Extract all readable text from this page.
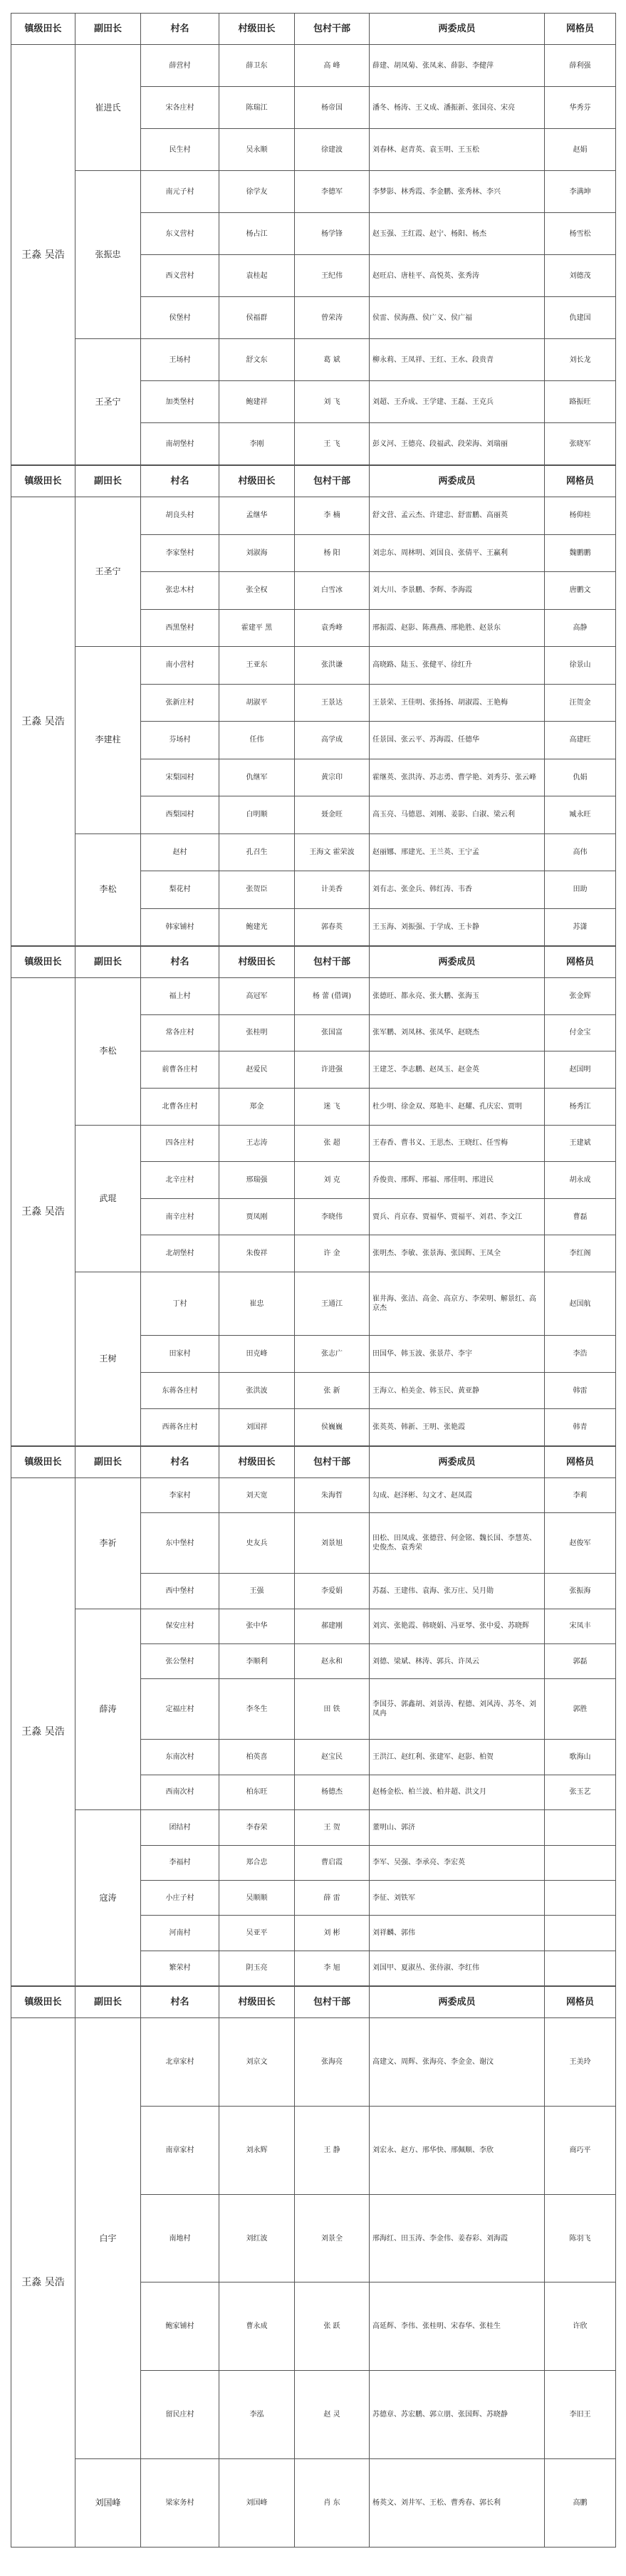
镇级田长	副田长	村名	村级田长	包村干部	两委成员	网格员
王淼 吴浩	崔进氏	薛营村	薛卫东	高 峰	薛建、胡凤菊、张凤来、薛影、李健萍	薛利强
		宋各庄村	陈瑞江	杨帝国	潘冬、杨涛、王义成、潘振新、张国亮、宋亮	华秀芬
		民生村	吴永顺	徐建波	刘春林、赵青英、袁玉明、王玉松	赵娟
	张振忠	南元子村	徐学友	李德军	李梦影、林秀霞、李金鹏、张秀林、李兴	李满坤
		东义营村	杨占江	杨学锋	赵玉强、王红霞、赵宁、杨阳、杨杰	杨雪松
		西义营村	袁桂起	王纪伟	赵旺启、唐桂平、高悦英、张秀涛	刘德茂
		侯堡村	侯福群	曾荣涛	侯雷、侯海燕、侯广义、侯广福	仇建国
	王圣宁	王场村	舒文东	葛 斌	柳永莉、王凤祥、王红、王水、段贵青	刘长龙
		加类堡村	鲍建祥	刘 飞	刘超、王乔成、王学建、王磊、王克兵	路振旺
		南胡堡村	李刚	王 飞	彭义河、王德亮、段福武、段荣海、刘瑞丽	张晓军
镇级田长	副田长	村名	村级田长	包村干部	两委成员	网格员
王淼 吴浩	王圣宁	胡良头村	孟继华	李 楠	舒文营、孟云杰、许建忠、舒雷鹏、高丽英	杨仰桂
		李家堡村	刘淑海	杨 阳	刘忠东、周林明、刘国良、张倩平、王赢利	魏鹏鹏
		张忠木村	张全权	白雪冰	刘大川、李景鹏、李辉、李海霞	唐鹏文
		西黑堡村	霍建平 黑	袁秀峰	邢振霞、赵影、陈燕燕、邢艳胜、赵景东	高静
	李建柱	南小营村	王亚东	张洪谦	高晓路、陆玉、张健平、徐红升	徐景山
		张新庄村	胡淑平	王景达	王景荣、王佳明、张扬扬、胡淑霞、王艳梅	汪贺金
		芬场村	任伟	高学成	任景国、张云平、苏海霞、任德华	高建旺
		宋梨园村	仇继军	黄宗印	霍继英、张洪涛、苏志勇、曹学艳、刘秀芬、张云峰	仇娟
		西梨园村	白明顺	聂金旺	高玉亮、马德恩、刘刚、姜影、白淑、梁云利	臧永旺
	李松	赵村	孔召生	王海文 霍荣波	赵丽娜、邢建光、王兰英、王宁孟	高伟
		梨花村	张贺臣	计美香	刘有志、张金兵、韩红涛、韦香	田助
		韩家铺村	鲍建光	郭春英	王玉海、刘振强、于学成、王卡静	苏潇
镇级田长	副田长	村名	村级田长	包村干部	两委成员	网格员
王淼 吴浩	李松	福上村	高冠军	杨 蕾 (借调)	张德旺、都永亮、张大鹏、张海玉	张金辉
		常各庄村	张桂明	张国富	张军鹏、刘凤林、张凤华、赵晓杰	付金宝
		前曹各庄村	赵爱民	许进强	王建芝、李志鹏、赵凤玉、赵金英	赵国明
		北曹各庄村	郑金	迷 飞	杜少明、徐金双、郑艳丰、赵耀、孔庆宏、贾明	杨秀江
	武琨	四各庄村	王志涛	张 超	王春香、曹书义、王思杰、王晓红、任雪梅	王建斌
		北辛庄村	邢瑞强	刘 克	乔俊贵、邢辉、邢福、邢佳明、邢进民	胡永成
		南辛庄村	贾凤刚	李晓伟	贾兵、肖京春、贾福华、贾福平、刘君、李文江	曹磊
		北胡堡村	朱俊祥	许 金	张明杰、李敏、张景海、张国辉、王凤全	李红阁
	王树	丁村	崔忠	王通江	崔井海、张洁、高金、高京方、李荣明、解景红、高京杰	赵国航
		田家村	田克峰	张志广	田国华、韩玉波、张景芹、李宇	李浩
		东蒋各庄村	张洪波	张 新	王海立、柏美金、韩玉民、黄亚静	韩雷
		西蒋各庄村	刘国祥	侯巍巍	张英英、韩新、王明、张艳霞	韩青
镇级田长	副田长	村名	村级田长	包村干部	两委成员	网格员
王淼 吴浩	李祈	李家村	刘天宽	朱海哲	勾成、赵泽彬、勾文才、赵凤霞	李莉
		东中堡村	史友兵	刘景旭	田松、田凤成、张德营、何金铭、魏长国、李慧英、史俊杰、袁秀荣	赵俊军
		西中堡村	王强	李爱娟	苏磊、王建伟、袁海、张万庄、吴月勋	张振海
	薛涛	保安庄村	张中华	郝建刚	刘宾、张艳霞、韩晓娟、冯亚琴、张中爱、苏晓辉	宋凤丰
		张公堡村	李顺利	赵永和	刘德、梁斌、林涛、郭兵、许凤云	郭磊
		定福庄村	李冬生	田 铁	李国芬、郭鑫胡、刘景涛、程德、刘风涛、苏冬、刘凤冉	郭胜
		东南次村	柏英喜	赵宝民	王洪江、赵红利、张建军、赵影、柏贺	歌海山
		西南次村	柏东旺	杨德杰	赵杨金松、柏兰波、柏井超、洪文月	张玉艺
	寇涛	团结村	李春荣	王 贺	董明山、郭济	
		李福村	郑合忠	曹启霞	李军、吴强、李承亮、李宏英	
		小庄子村	吴顺顺	薛 雷	李征、刘铁军	
		河南村	吴亚平	刘 彬	刘祥麟、郭伟	
		繁荣村	阴玉亮	李 旭	刘国甲、夏淑丛、张侍淑、李红伟	
镇级田长	副田长	村名	村级田长	包村干部	两委成员	网格员
王淼 吴浩	白宇	北章家村	刘京文	张海亮	高建文、周辉、张海亮、李金金、谢汶	王美玲
		南章家村	刘永辉	王 静	刘宏永、赵方、邢华快、邢佩顺、李欣	商巧平
		南地村	刘红波	刘景全	邢海红、田玉涛、李金伟、姜春彩、刘海霞	陈羽飞
		鲍家铺村	曹永成	张 跃	高延辉、李伟、张桂明、宋春华、张桂生	许欣
		留民庄村	李泓	赵 灵	苏德章、苏宏鹏、郭立朋、张国辉、苏晓静	李旧王
	刘国峰	梁家务村	刘国峰	肖 东	杨英文、刘井军、王松、曹秀春、郭长利	高鹏
